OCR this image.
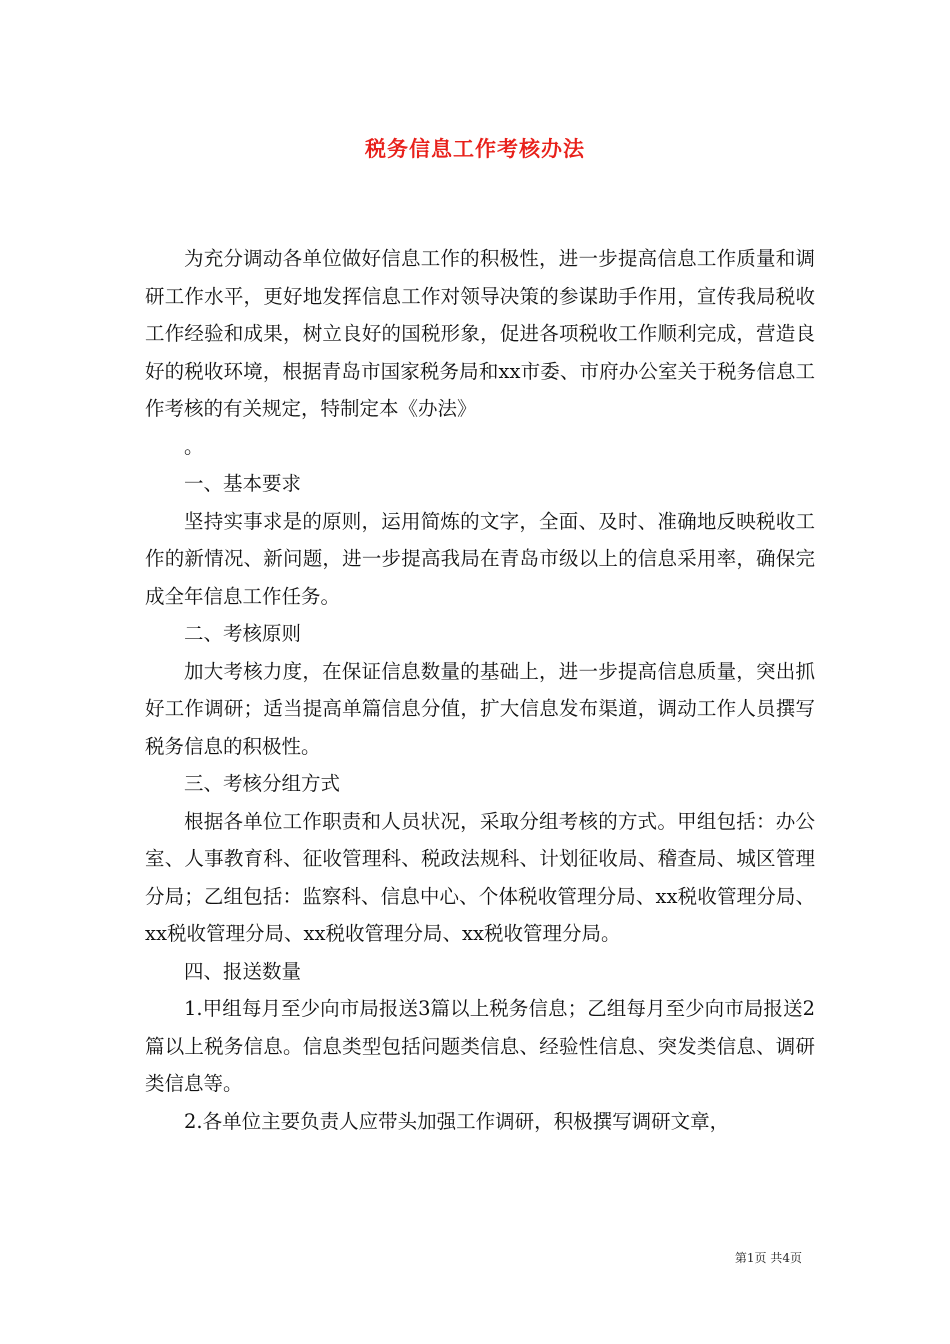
税务信息工作考核办法

为充分调动各单位做好信息工作的积极性，进一步提高信息工作质量和调研工作水平，更好地发挥信息工作对领导决策的参谋助手作用，宣传我局税收工作经验和成果，树立良好的国税形象，促进各项税收工作顺利完成，营造良好的税收环境，根据青岛市国家税务局和xx市委、市府办公室关于税务信息工作考核的有关规定，特制定本《办法》

。

一、基本要求

坚持实事求是的原则，运用简炼的文字，全面、及时、准确地反映税收工作的新情况、新问题，进一步提高我局在青岛市级以上的信息采用率，确保完成全年信息工作任务。

二、考核原则

加大考核力度，在保证信息数量的基础上，进一步提高信息质量，突出抓好工作调研；适当提高单篇信息分值，扩大信息发布渠道，调动工作人员撰写税务信息的积极性。

三、考核分组方式

根据各单位工作职责和人员状况，采取分组考核的方式。甲组包括：办公室、人事教育科、征收管理科、税政法规科、计划征收局、稽查局、城区管理分局；乙组包括：监察科、信息中心、个体税收管理分局、xx税收管理分局、xx税收管理分局、xx税收管理分局、xx税收管理分局。

四、报送数量

1.甲组每月至少向市局报送3篇以上税务信息；乙组每月至少向市局报送2篇以上税务信息。信息类型包括问题类信息、经验性信息、突发类信息、调研类信息等。

2.各单位主要负责人应带头加强工作调研，积极撰写调研文章，

第1页 共4页
